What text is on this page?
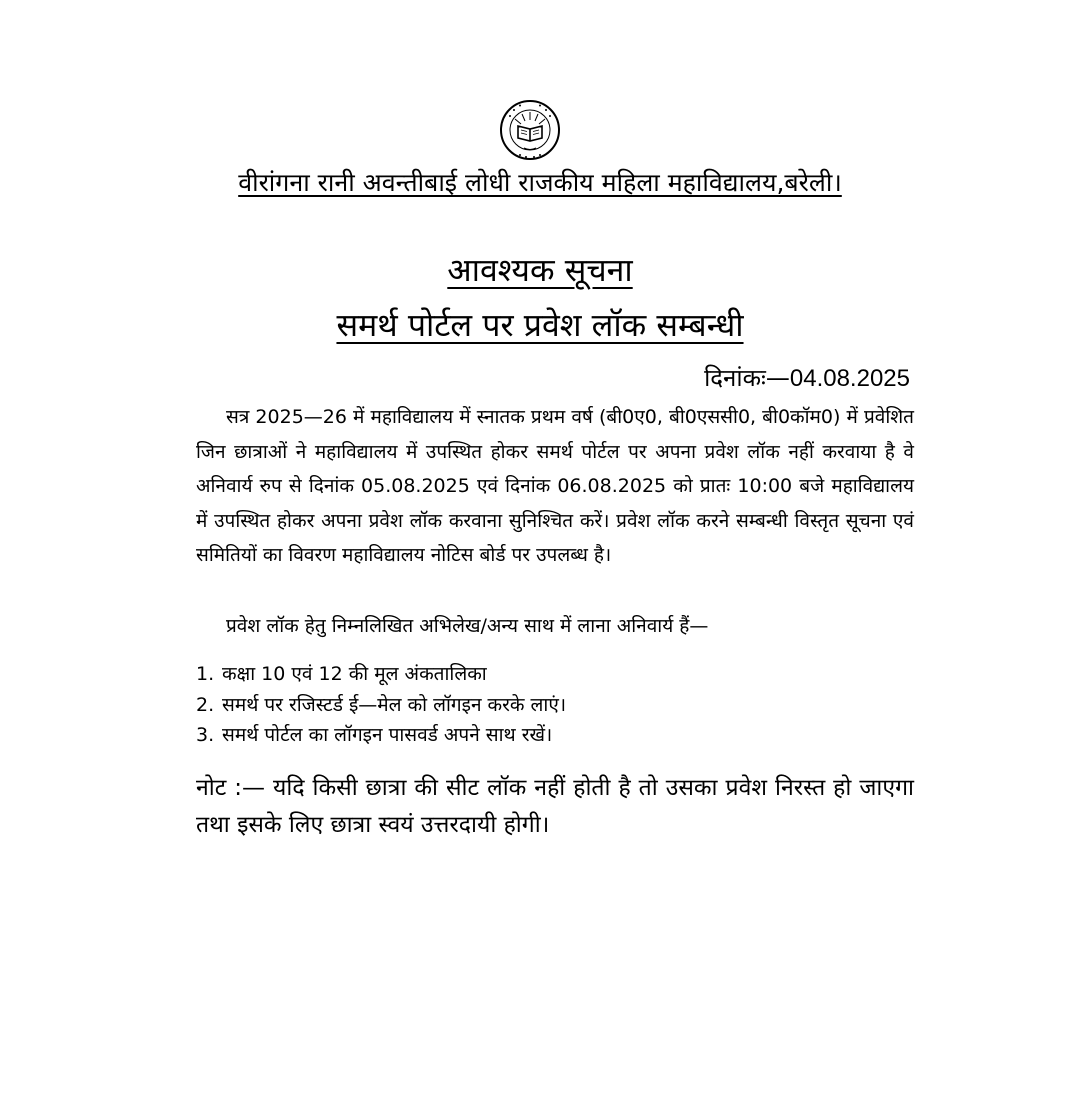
वीरांगना रानी अवन्तीबाई लोधी राजकीय महिला महाविद्यालय,बरेली।
आवश्यक सूचना
समर्थ पोर्टल पर प्रवेश लॉक सम्बन्धी
दिनांकः—04.08.2025
सत्र 2025—26 में महाविद्यालय में स्नातक प्रथम वर्ष (बी0ए0, बी0एससी0, बी0कॉम0) में प्रवेशित जिन छात्राओं ने महाविद्यालय में उपस्थित होकर समर्थ पोर्टल पर अपना प्रवेश लॉक नहीं करवाया है वे अनिवार्य रुप से दिनांक 05.08.2025 एवं दिनांक 06.08.2025 को प्रातः 10:00 बजे महाविद्यालय में उपस्थित होकर अपना प्रवेश लॉक करवाना सुनिश्चित करें। प्रवेश लॉक करने सम्बन्धी विस्तृत सूचना एवं समितियों का विवरण महाविद्यालय नोटिस बोर्ड पर उपलब्ध है।
प्रवेश लॉक हेतु निम्नलिखित अभिलेख/अन्य साथ में लाना अनिवार्य हैं—
1. कक्षा 10 एवं 12 की मूल अंकतालिका
2. समर्थ पर रजिस्टर्ड ई—मेल को लॉगइन करके लाएं।
3. समर्थ पोर्टल का लॉगइन पासवर्ड अपने साथ रखें।
नोट :— यदि किसी छात्रा की सीट लॉक नहीं होती है तो उसका प्रवेश निरस्त हो जाएगा तथा इसके लिए छात्रा स्वयं उत्तरदायी होगी।
